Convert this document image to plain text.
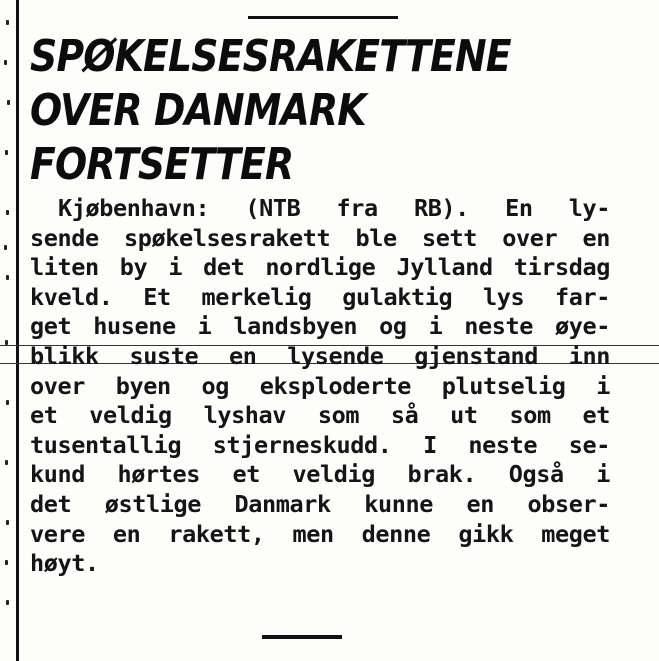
SPØKELSESRAKETTENE
OVER DANMARK
FORTSETTER
Kjøbenhavn: (NTB fra RB). En ly-
sende spøkelsesrakett ble sett over en
liten by i det nordlige Jylland tirsdag
kveld. Et merkelig gulaktig lys far-
get husene i landsbyen og i neste øye-
blikk suste en lysende gjenstand inn
over byen og eksploderte plutselig i
et veldig lyshav som så ut som et
tusentallig stjerneskudd. I neste se-
kund hørtes et veldig brak. Også i
det østlige Danmark kunne en obser-
vere en rakett, men denne gikk meget
høyt.
